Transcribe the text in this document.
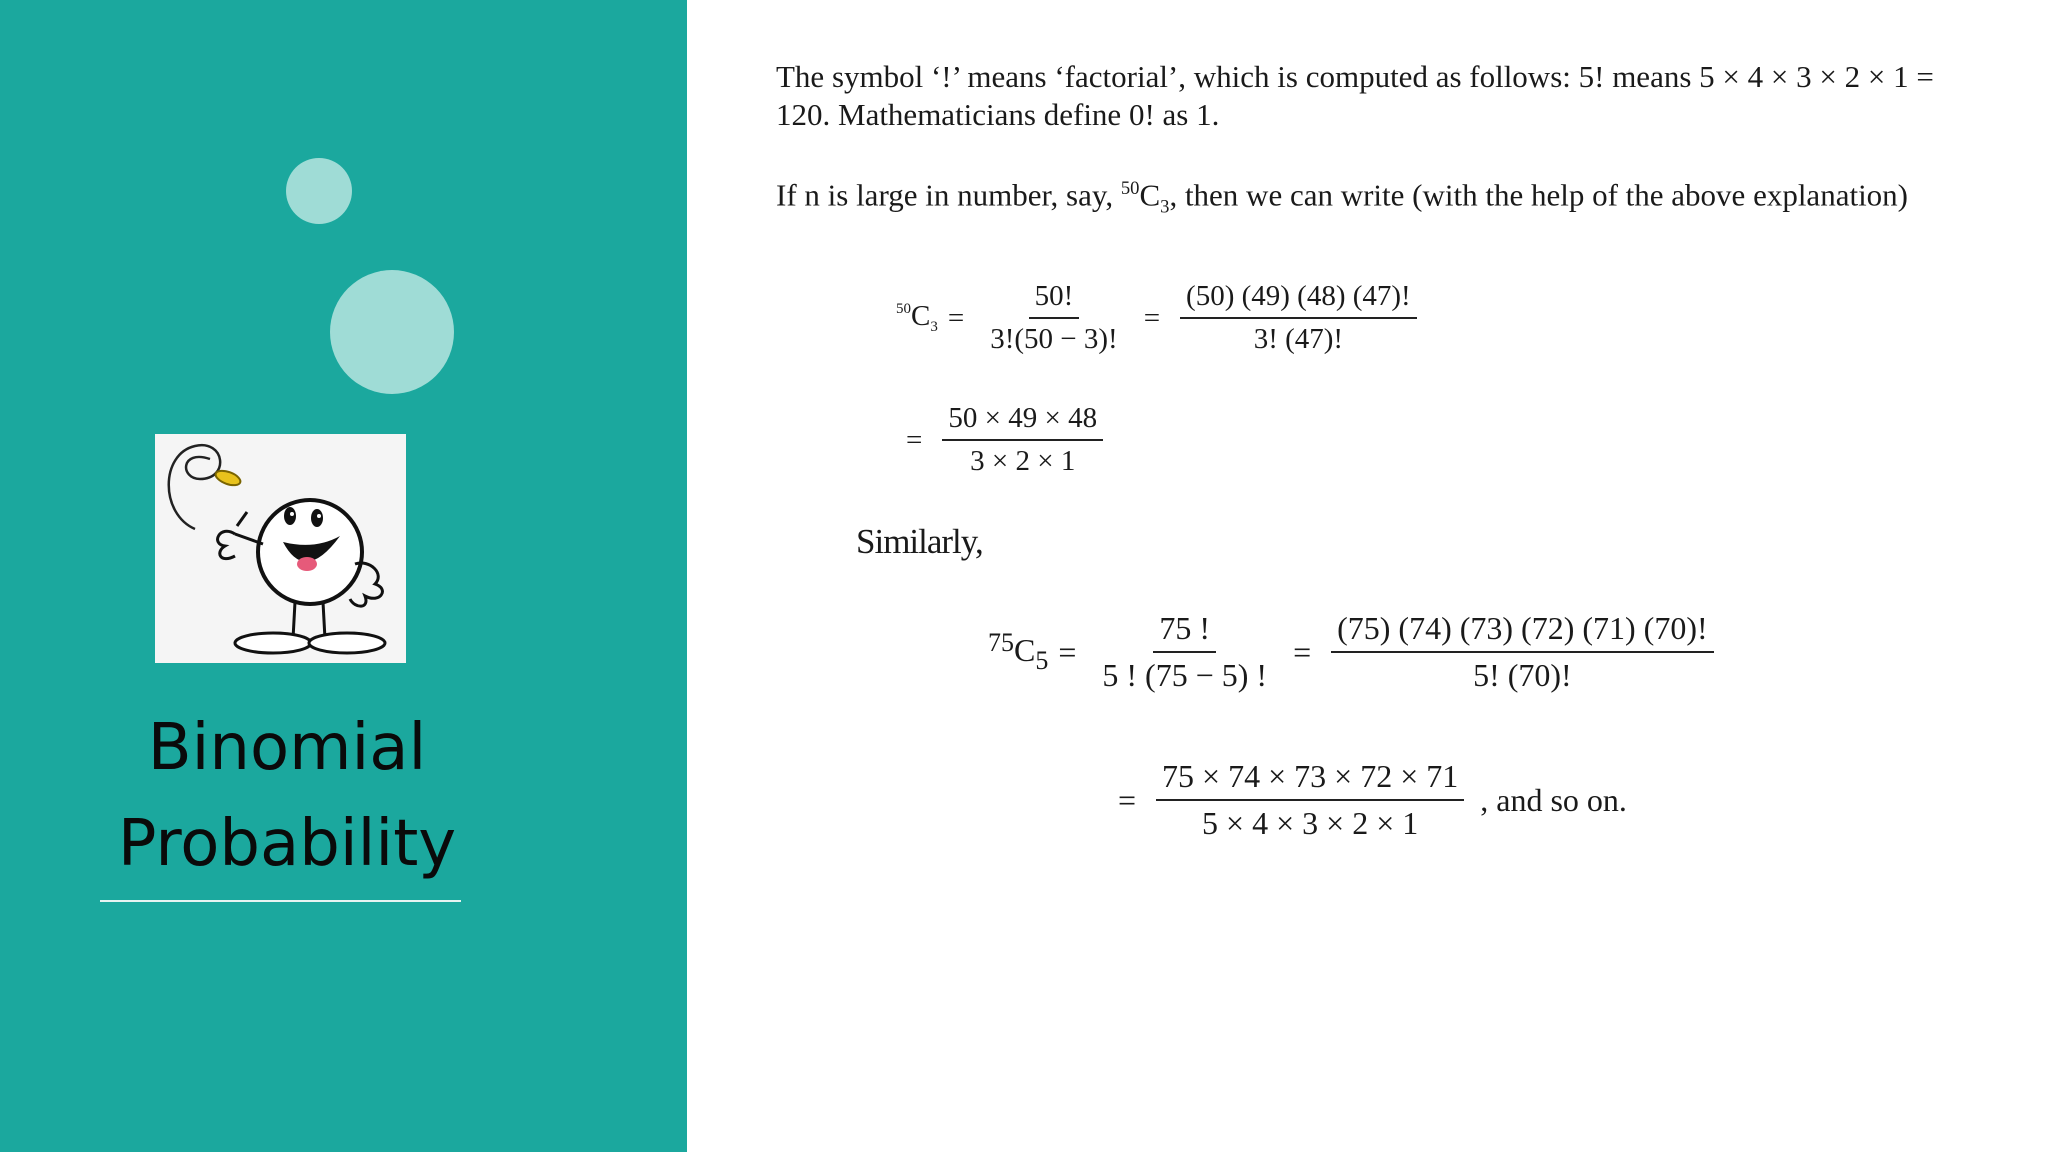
Binomial
Probability
The symbol ‘!’ means ‘factorial’, which is computed as follows: 5! means 5 × 4 × 3 × 2 × 1 = 120. Mathematicians define 0! as 1.
If n is large in number, say, $^{50}C_3$, then we can write (with the help of the above explanation)
$^{50}C_3 = \frac{50!}{3!(50 - 3)!} = \frac{(50) (49) (48) (47)!}{3! (47)!}$
= $\frac{50 \times 49 \times 48}{3 \times 2 \times 1}$
Similarly,
$^{75}C_5 = \frac{75 !}{5 ! (75 - 5) !} = \frac{(75) (74) (73) (72) (71) (70)!}{5! (70)!}$
= $\frac{75 \times 74 \times 73 \times 72 \times 71}{5 \times 4 \times 3 \times 2 \times 1}$ , and so on.
